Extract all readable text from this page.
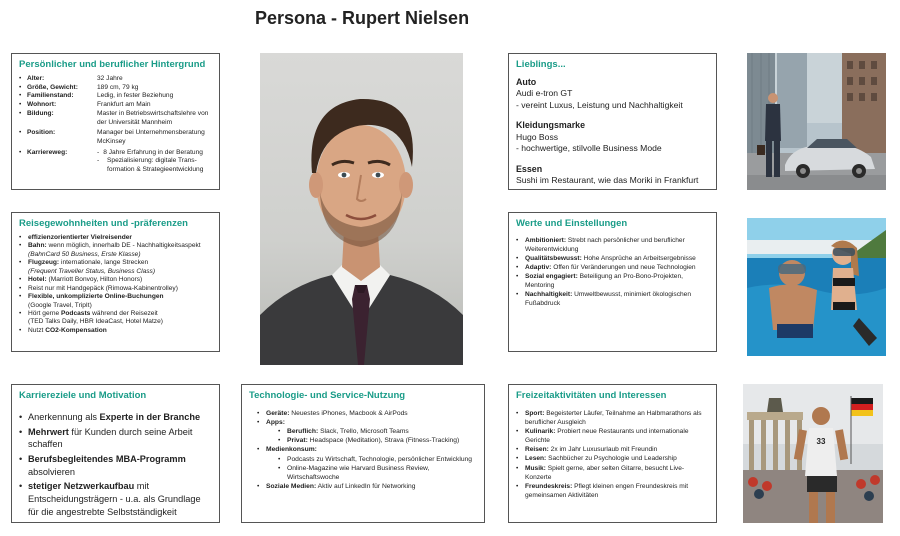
Persona - Rupert Nielsen
Persönlicher und beruflicher Hintergrund
• Alter:	32 Jahre
• Größe, Gewicht:	189 cm, 79 kg
• Familienstand:	Ledig, in fester Beziehung
• Wohnort:	Frankfurt am Main
• Bildung:	Master in Betriebswirtschaftslehre von der Universität Mannheim
• Position:	Manager bei Unternehmensberatung McKinsey
• Karriereweg:	- 8 Jahre Erfahrung in der Beratung
-	Spezialisierung: digitale Trans-formation & Strategieentwicklung
Reisegewohnheiten und -präferenzen
• effizienzorientierter Vielreisender
• Bahn: wenn möglich, innerhalb DE - Nachhaltigkeitsaspekt
(BahnCard 50 Business, Erste Klasse)
• Flugzeug: internationale, lange Strecken
(Frequent Traveller Status, Business Class)
• Hotel: (Marriott Bonvoy, Hilton Honors)
• Reist nur mit Handgepäck (Rimowa-Kabinentrolley)
• Flexible, unkomplizierte Online-Buchungen
(Google Travel, TripIt)
• Hört gerne Podcasts während der Reisezeit
(TED Talks Daily, HBR IdeaCast, Hotel Matze)
• Nutzt CO2-Kompensation
Karriereziele und Motivation
• Anerkennung als Experte in der Branche
• Mehrwert für Kunden durch seine Arbeit schaffen
• Berufsbegleitendes MBA-Programm absolvieren
• stetiger Netzwerkaufbau mit Entscheidungsträgern - u.a. als Grundlage für die angestrebte Selbstständigkeit
Technologie- und Service-Nutzung
• Geräte: Neuestes iPhones, Macbook & AirPods
• Apps:
• Beruflich: Slack, Trello, Microsoft Teams
• Privat: Headspace (Meditation), Strava (Fitness-Tracking)
• Medienkonsum:
• Podcasts zu Wirtschaft, Technologie, persönlicher Entwicklung
• Online-Magazine wie Harvard Business Review, Wirtschaftswoche
• Soziale Medien: Aktiv auf LinkedIn für Networking
Lieblings...
Auto
Audi e-tron GT
- vereint Luxus, Leistung und Nachhaltigkeit
Kleidungsmarke
Hugo Boss
- hochwertige, stilvolle Business Mode
Essen
Sushi im Restaurant, wie das Moriki in Frankfurt
Werte und Einstellungen
• Ambitioniert: Strebt nach persönlicher und beruflicher Weiterentwicklung
• Qualitätsbewusst: Hohe Ansprüche an Arbeitsergebnisse
• Adaptiv: Offen für Veränderungen und neue Technologien
• Sozial engagiert: Beteiligung an Pro-Bono-Projekten, Mentoring
• Nachhaltigkeit: Umweltbewusst, minimiert ökologischen Fußabdruck
Freizeitaktivitäten und Interessen
• Sport: Begeisterter Läufer, Teilnahme an Halbmarathons als beruflicher Ausgleich
• Kulinarik: Probiert neue Restaurants und internationale Gerichte
• Reisen: 2x im Jahr Luxusurlaub mit Freundin
• Lesen: Sachbücher zu Psychologie und Leadership
• Musik: Spielt gerne, aber selten Gitarre, besucht Live-Konzerte
• Freundeskreis: Pflegt kleinen engen Freundeskreis mit gemeinsamen Aktivitäten
33
